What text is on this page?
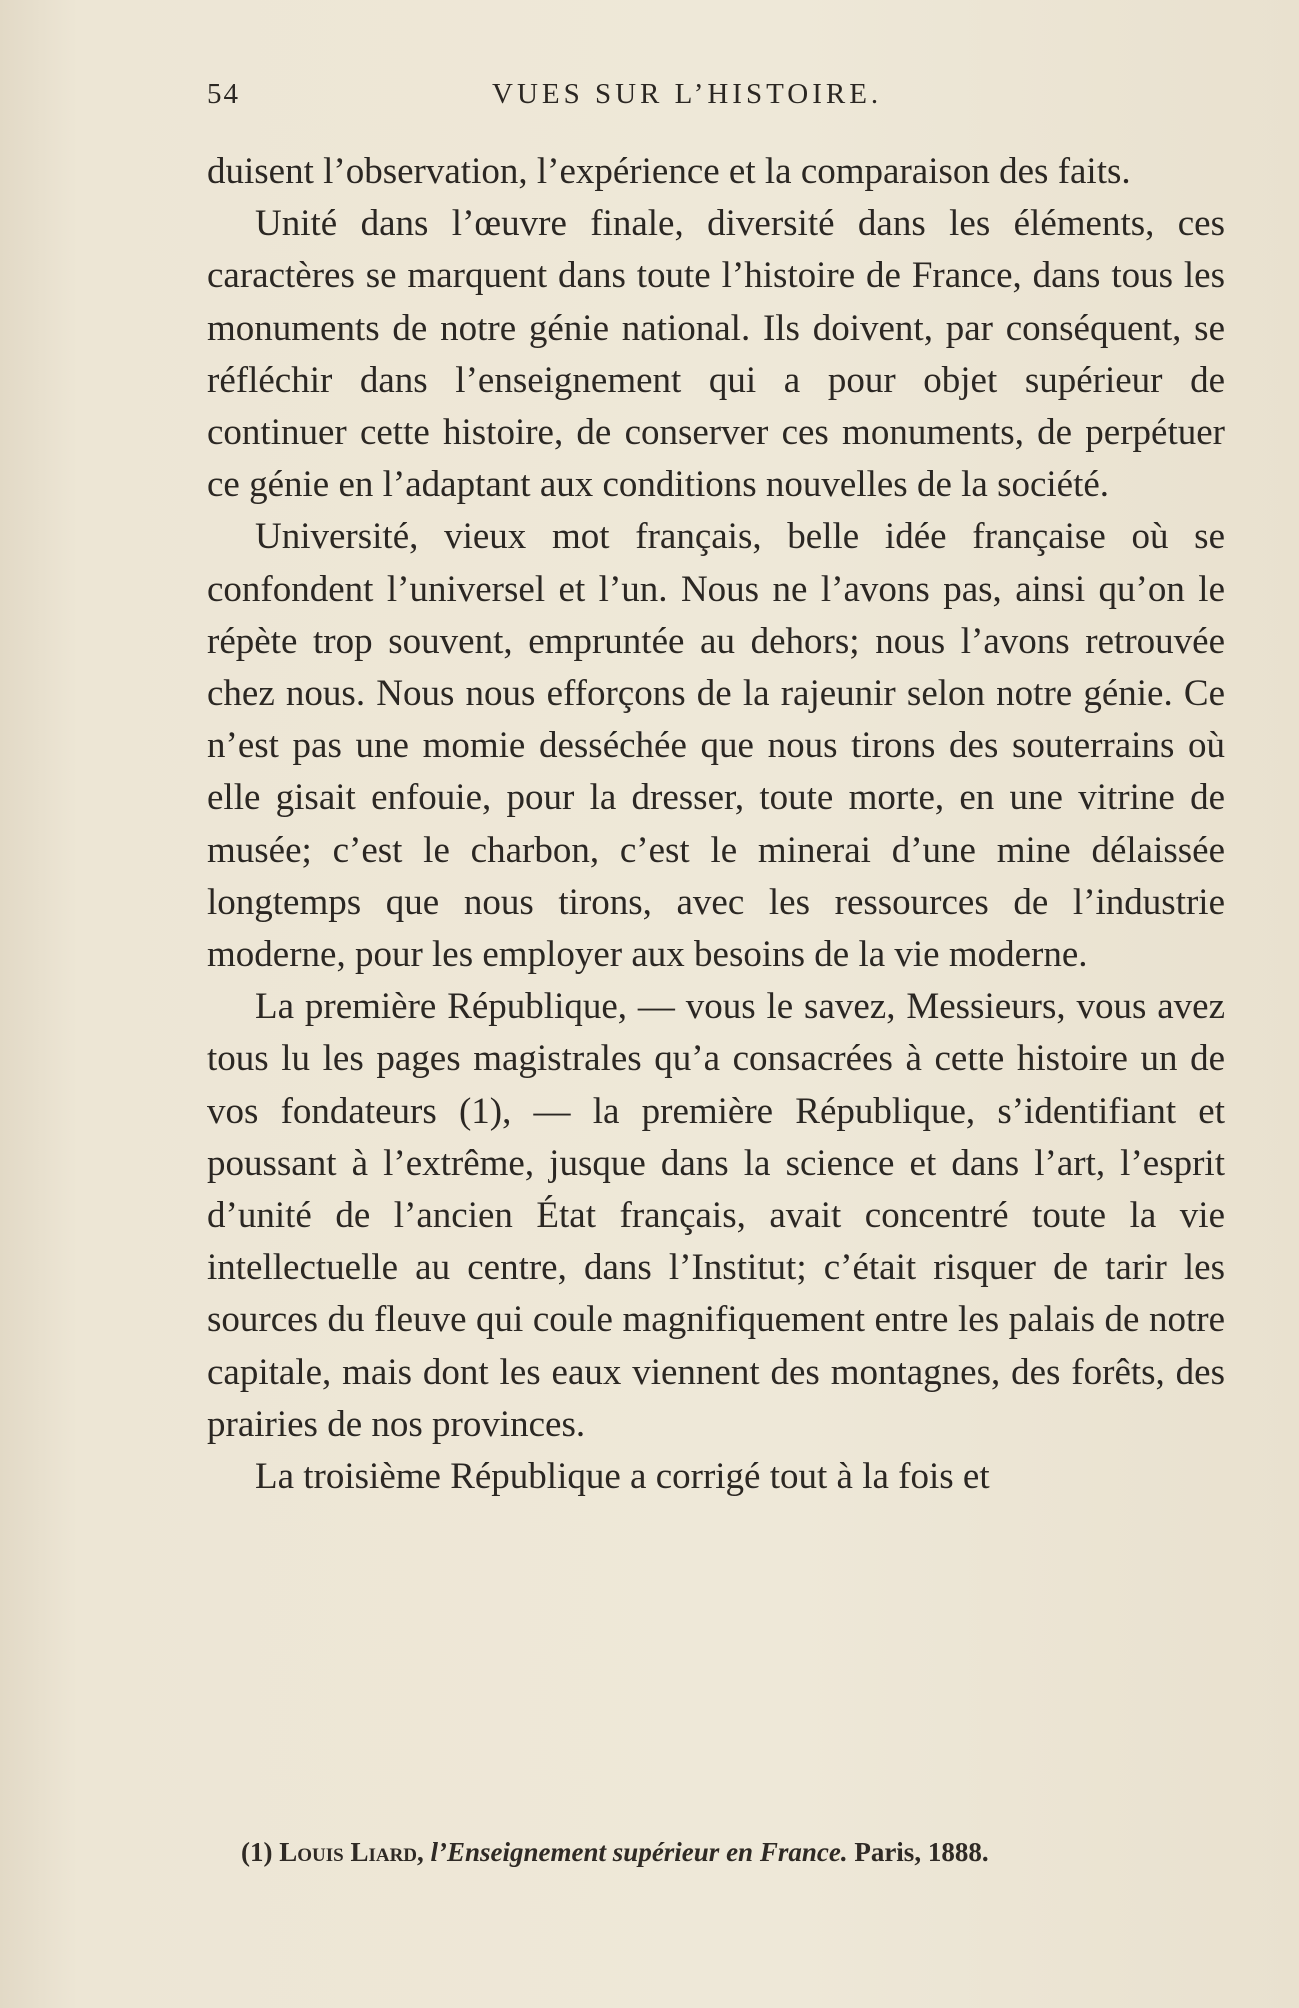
54	VUES SUR L’HISTOIRE.

duisent l’observation, l’expérience et la comparaison des faits.

Unité dans l’œuvre finale, diversité dans les éléments, ces caractères se marquent dans toute l’histoire de France, dans tous les monuments de notre génie national. Ils doivent, par conséquent, se réfléchir dans l’enseignement qui a pour objet supérieur de continuer cette histoire, de conserver ces monuments, de perpétuer ce génie en l’adaptant aux conditions nouvelles de la société.

Université, vieux mot français, belle idée française où se confondent l’universel et l’un. Nous ne l’avons pas, ainsi qu’on le répète trop souvent, empruntée au dehors; nous l’avons retrouvée chez nous. Nous nous efforçons de la rajeunir selon notre génie. Ce n’est pas une momie desséchée que nous tirons des souterrains où elle gisait enfouie, pour la dresser, toute morte, en une vitrine de musée; c’est le charbon, c’est le minerai d’une mine délaissée longtemps que nous tirons, avec les ressources de l’industrie moderne, pour les employer aux besoins de la vie moderne.

La première République, — vous le savez, Messieurs, vous avez tous lu les pages magistrales qu’a consacrées à cette histoire un de vos fondateurs (1), — la première République, s’identifiant et poussant à l’extrême, jusque dans la science et dans l’art, l’esprit d’unité de l’ancien État français, avait concentré toute la vie intellectuelle au centre, dans l’Institut; c’était risquer de tarir les sources du fleuve qui coule magnifiquement entre les palais de notre capitale, mais dont les eaux viennent des montagnes, des forêts, des prairies de nos provinces.

La troisième République a corrigé tout à la fois et

(1) Louis Liard, l’Enseignement supérieur en France. Paris, 1888.
